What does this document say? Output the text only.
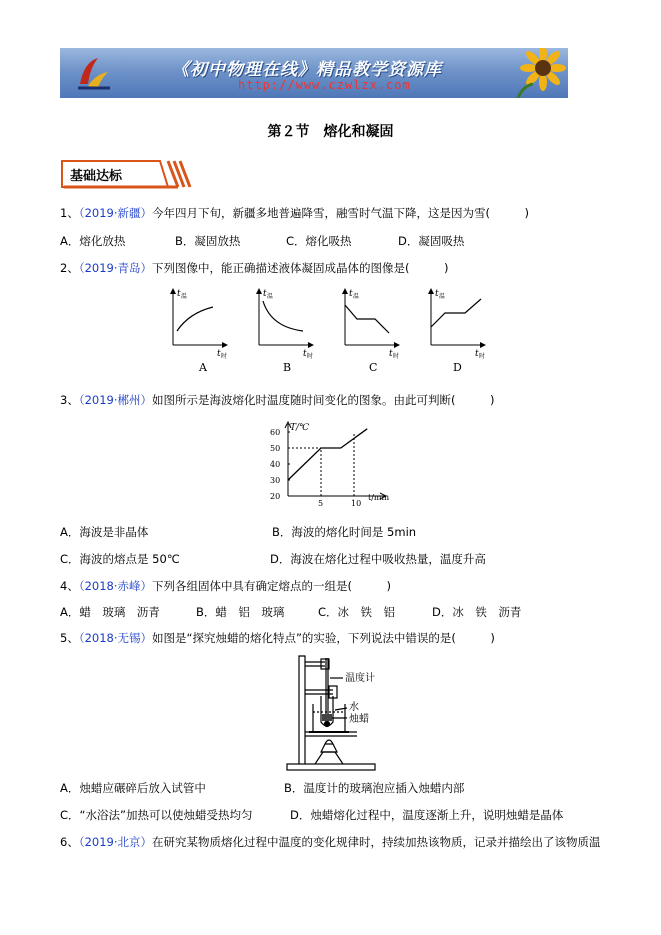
《初中物理在线》精品教学资源库
http://www.czwlzx.com
第２节　熔化和凝固
基础达标
1、（2019·新疆）今年四月下旬，新疆多地普遍降雪，融雪时气温下降，这是因为雪(　　　)
A．熔化放热	B．凝固放热	C．熔化吸热	D．凝固吸热
2、（2019·青岛）下列图像中，能正确描述液体凝固成晶体的图像是(　　　)
t 温
t 时
A
t 温
t 时
B
t 温
t 时
C
t 温
t 时
D
3、（2019·郴州）如图所示是海波熔化时温度随时间变化的图象。由此可判断(　　　)
20
30
40
50
60
5	10
T/℃
t/min
A．海波是非晶体	B．海波的熔化时间是 5min
C．海波的熔点是 50℃	D．海波在熔化过程中吸收热量，温度升高
4、（2018·赤峰）下列各组固体中具有确定熔点的一组是(　　　)
A．蜡　玻璃　沥青	B．蜡　铝　玻璃	C．冰　铁　铝	D．冰　铁　沥青
5、（2018·无锡）如图是“探究烛蜡的熔化特点”的实验，下列说法中错误的是(　　　)
温度计
水
烛蜡
A．烛蜡应碾碎后放入试管中	B．温度计的玻璃泡应插入烛蜡内部
C．“水浴法”加热可以使烛蜡受热均匀	D．烛蜡熔化过程中，温度逐渐上升，说明烛蜡是晶体
6、（2019·北京）在研究某物质熔化过程中温度的变化规律时，持续加热该物质，记录并描绘出了该物质温
